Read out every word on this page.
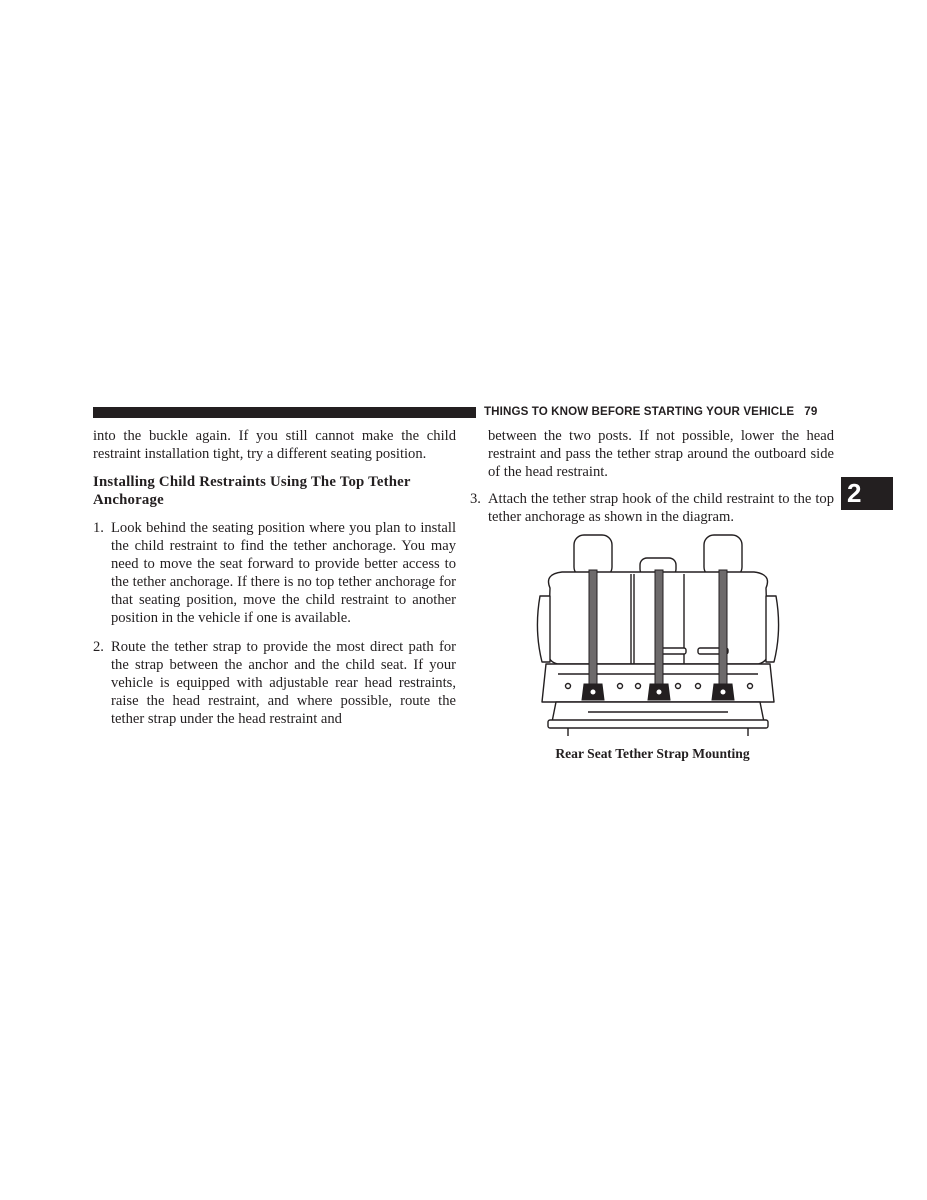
THINGS TO KNOW BEFORE STARTING YOUR VEHICLE 79
2

into the buckle again. If you still cannot make the child restraint installation tight, try a different seating position.

Installing Child Restraints Using The Top Tether Anchorage
1. Look behind the seating position where you plan to install the child restraint to find the tether anchorage. You may need to move the seat forward to provide better access to the tether anchorage. If there is no top tether anchorage for that seating position, move the child restraint to another position in the vehicle if one is available.
2. Route the tether strap to provide the most direct path for the strap between the anchor and the child seat. If your vehicle is equipped with adjustable rear head restraints, raise the head restraint, and where possible, route the tether strap under the head restraint and

between the two posts. If not possible, lower the head restraint and pass the tether strap around the outboard side of the head restraint.

3. Attach the tether strap hook of the child restraint to the top tether anchorage as shown in the diagram.
Rear Seat Tether Strap Mounting
